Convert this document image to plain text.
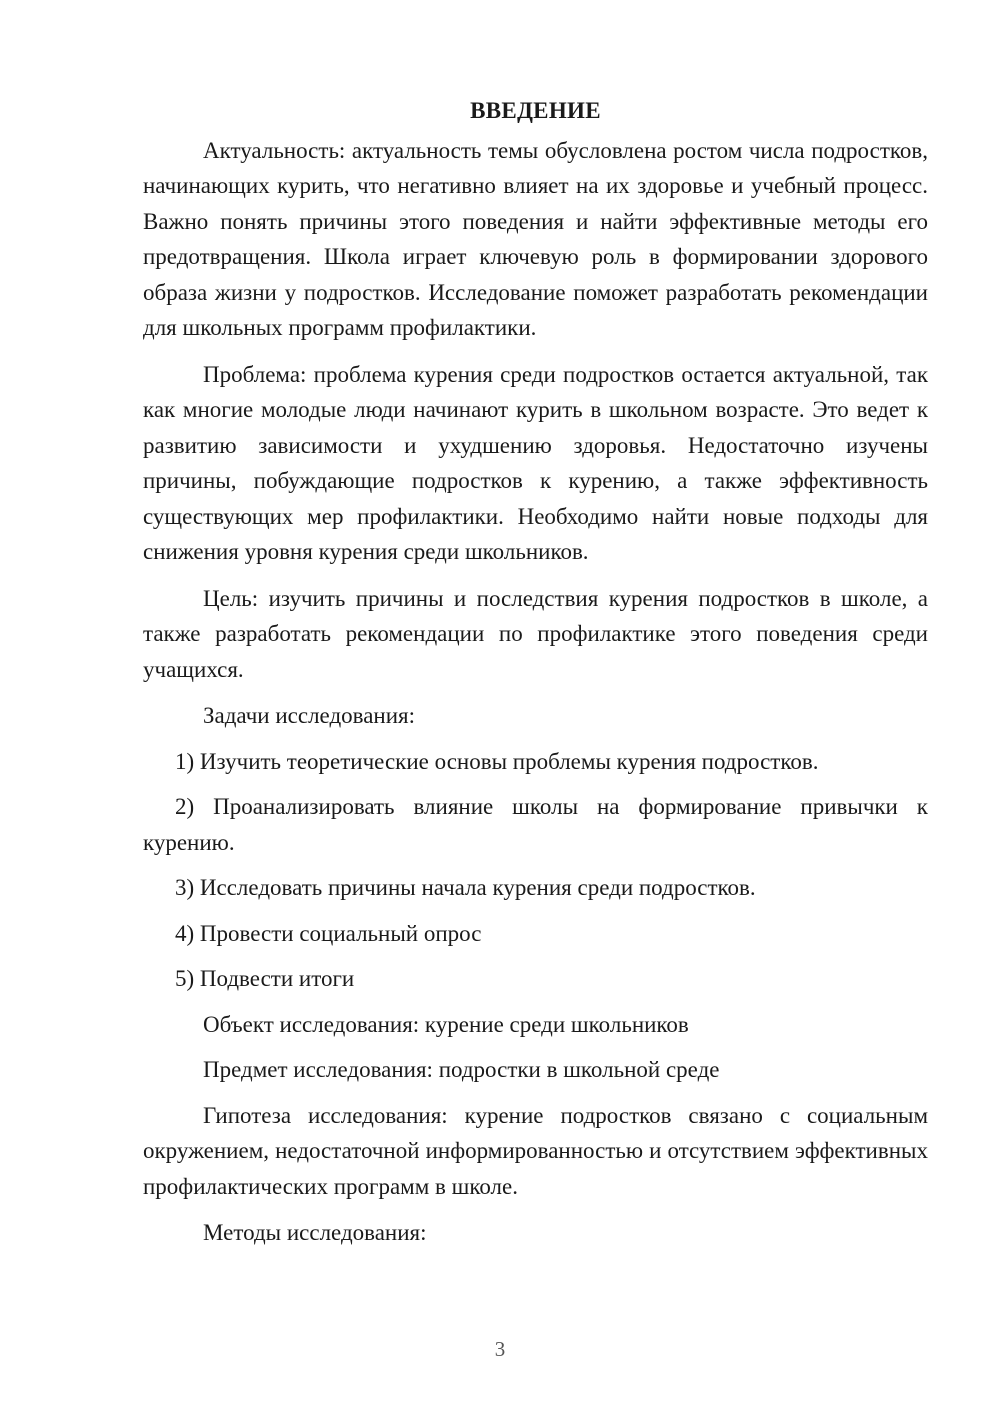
ВВЕДЕНИЕ

Актуальность: актуальность темы обусловлена ростом числа подростков, начинающих курить, что негативно влияет на их здоровье и учебный процесс. Важно понять причины этого поведения и найти эффективные методы его предотвращения. Школа играет ключевую роль в формировании здорового образа жизни у подростков. Исследование поможет разработать рекомендации для школьных программ профилактики.

Проблема: проблема курения среди подростков остается актуальной, так как многие молодые люди начинают курить в школьном возрасте. Это ведет к развитию зависимости и ухудшению здоровья. Недостаточно изучены причины, побуждающие подростков к курению, а также эффективность существующих мер профилактики. Необходимо найти новые подходы для снижения уровня курения среди школьников.

Цель: изучить причины и последствия курения подростков в школе, а также разработать рекомендации по профилактике этого поведения среди учащихся.

Задачи исследования:

1) Изучить теоретические основы проблемы курения подростков.

2) Проанализировать влияние школы на формирование привычки к курению.

3) Исследовать причины начала курения среди подростков.

4) Провести социальный опрос

5) Подвести итоги

Объект исследования: курение среди школьников

Предмет исследования: подростки в школьной среде

Гипотеза исследования: курение подростков связано с социальным окружением, недостаточной информированностью и отсутствием эффективных профилактических программ в школе.

Методы исследования:

3
